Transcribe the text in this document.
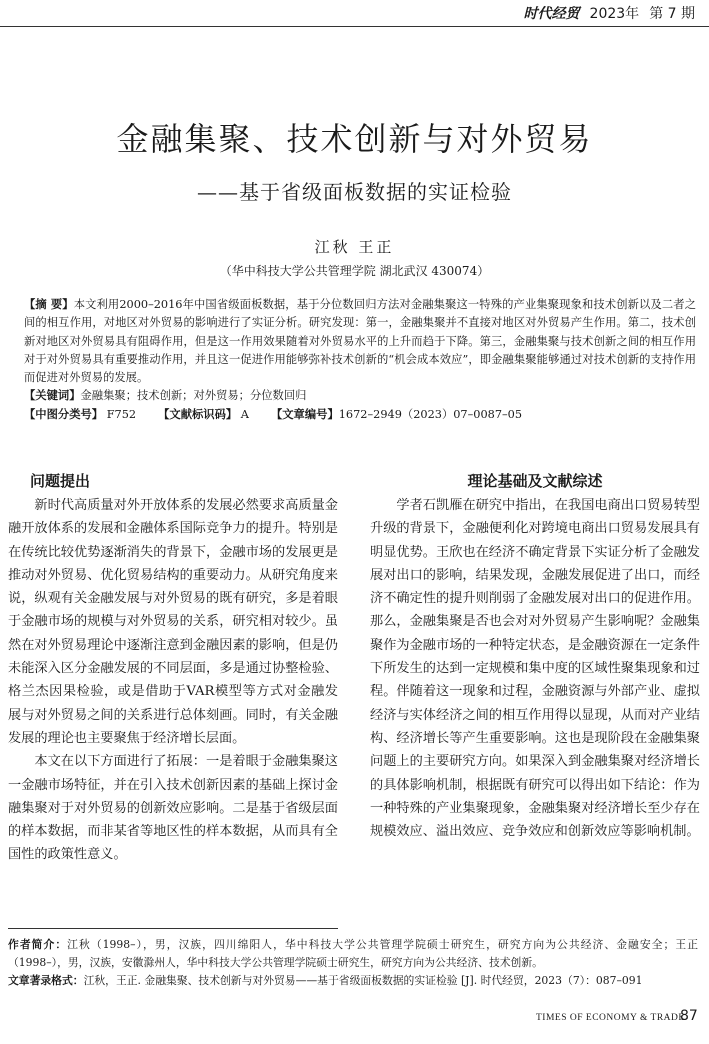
时代经贸 2023年 第 7 期
金融集聚、技术创新与对外贸易
——基于省级面板数据的实证检验
江秋 王正
（华中科技大学公共管理学院 湖北武汉 430074）
【摘 要】本文利用2000–2016年中国省级面板数据，基于分位数回归方法对金融集聚这一特殊的产业集聚现象和技术创新以及二者之间的相互作用，对地区对外贸易的影响进行了实证分析。研究发现：第一，金融集聚并不直接对地区对外贸易产生作用。第二，技术创新对地区对外贸易具有阻碍作用，但是这一作用效果随着对外贸易水平的上升而趋于下降。第三，金融集聚与技术创新之间的相互作用对于对外贸易具有重要推动作用，并且这一促进作用能够弥补技术创新的“机会成本效应”，即金融集聚能够通过对技术创新的支持作用而促进对外贸易的发展。
【关键词】金融集聚；技术创新；对外贸易；分位数回归
【中图分类号】 F752 【文献标识码】 A 【文章编号】1672–2949（2023）07–0087–05
问题提出

新时代高质量对外开放体系的发展必然要求高质量金融开放体系的发展和金融体系国际竞争力的提升。特别是在传统比较优势逐渐消失的背景下，金融市场的发展更是推动对外贸易、优化贸易结构的重要动力。从研究角度来说，纵观有关金融发展与对外贸易的既有研究，多是着眼于金融市场的规模与对外贸易的关系，研究相对较少。虽然在对外贸易理论中逐渐注意到金融因素的影响，但是仍未能深入区分金融发展的不同层面，多是通过协整检验、格兰杰因果检验，或是借助于VAR模型等方式对金融发展与对外贸易之间的关系进行总体刻画。同时，有关金融发展的理论也主要聚焦于经济增长层面。

本文在以下方面进行了拓展：一是着眼于金融集聚这一金融市场特征，并在引入技术创新因素的基础上探讨金融集聚对于对外贸易的创新效应影响。二是基于省级层面的样本数据，而非某省等地区性的样本数据，从而具有全国性的政策性意义。

理论基础及文献综述

学者石凯雁在研究中指出，在我国电商出口贸易转型升级的背景下，金融便利化对跨境电商出口贸易发展具有明显优势。王欣也在经济不确定背景下实证分析了金融发展对出口的影响，结果发现，金融发展促进了出口，而经济不确定性的提升则削弱了金融发展对出口的促进作用。那么，金融集聚是否也会对对外贸易产生影响呢？金融集聚作为金融市场的一种特定状态，是金融资源在一定条件下所发生的达到一定规模和集中度的区域性聚集现象和过程。伴随着这一现象和过程，金融资源与外部产业、虚拟经济与实体经济之间的相互作用得以显现，从而对产业结构、经济增长等产生重要影响。这也是现阶段在金融集聚问题上的主要研究方向。如果深入到金融集聚对经济增长的具体影响机制，根据既有研究可以得出如下结论：作为一种特殊的产业集聚现象，金融集聚对经济增长至少存在规模效应、溢出效应、竞争效应和创新效应等影响机制。

作者简介：江秋（1998–），男，汉族，四川绵阳人，华中科技大学公共管理学院硕士研究生，研究方向为公共经济、金融安全；王正（1998–），男，汉族，安徽滁州人，华中科技大学公共管理学院硕士研究生，研究方向为公共经济、技术创新。
文章著录格式：江秋，王正. 金融集聚、技术创新与对外贸易——基于省级面板数据的实证检验 [J]. 时代经贸，2023（7）：087–091
TIMES OF ECONOMY & TRADE
87
